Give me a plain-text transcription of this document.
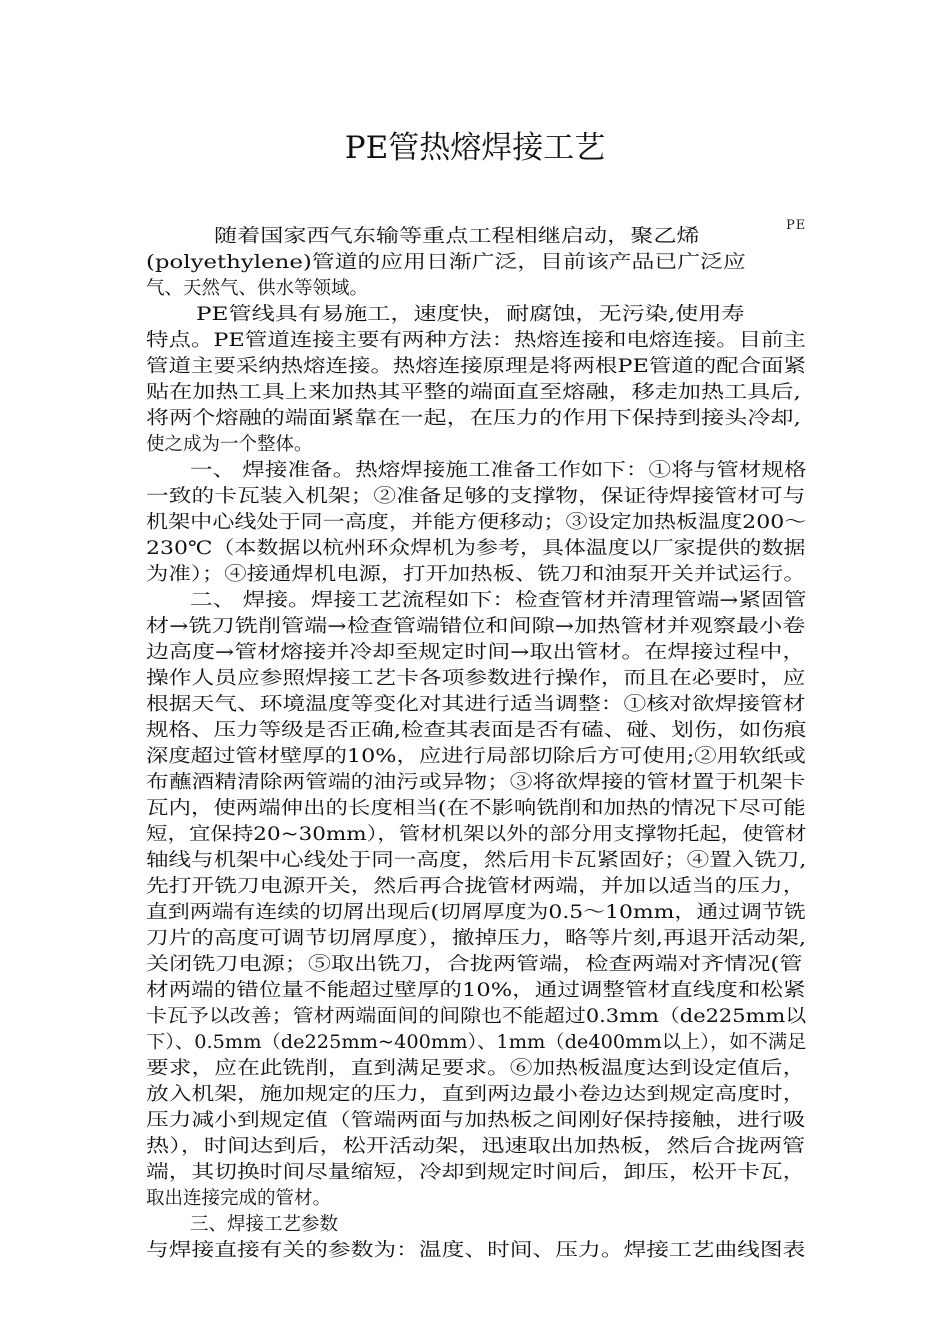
PE管热熔焊接工艺
PE
随着国家西气东输等重点工程相继启动，聚乙烯
(polyethylene)管道的应用日渐广泛，目前该产品已广泛应
气、天然气、供水等领域。
PE管线具有易施工，速度快，耐腐蚀，无污染,使用寿
特点。PE管道连接主要有两种方法：热熔连接和电熔连接。目前主
管道主要采纳热熔连接。热熔连接原理是将两根PE管道的配合面紧
贴在加热工具上来加热其平整的端面直至熔融，移走加热工具后,
将两个熔融的端面紧靠在一起，在压力的作用下保持到接头冷却,
使之成为一个整体。
一、 焊接准备。热熔焊接施工准备工作如下：①将与管材规格
一致的卡瓦装入机架；②准备足够的支撑物，保证待焊接管材可与
机架中心线处于同一高度，并能方便移动；③设定加热板温度200～
230℃（本数据以杭州环众焊机为参考，具体温度以厂家提供的数据
为准）；④接通焊机电源，打开加热板、铣刀和油泵开关并试运行。
二、 焊接。焊接工艺流程如下：检查管材并清理管端→紧固管
材→铣刀铣削管端→检查管端错位和间隙→加热管材并观察最小卷
边高度→管材熔接并冷却至规定时间→取出管材。在焊接过程中，
操作人员应参照焊接工艺卡各项参数进行操作，而且在必要时，应
根据天气、环境温度等变化对其进行适当调整：①核对欲焊接管材
规格、压力等级是否正确,检查其表面是否有磕、碰、划伤，如伤痕
深度超过管材壁厚的10%，应进行局部切除后方可使用;②用软纸或
布蘸酒精清除两管端的油污或异物；③将欲焊接的管材置于机架卡
瓦内，使两端伸出的长度相当(在不影响铣削和加热的情况下尽可能
短，宜保持20~30mm），管材机架以外的部分用支撑物托起，使管材
轴线与机架中心线处于同一高度，然后用卡瓦紧固好；④置入铣刀,
先打开铣刀电源开关，然后再合拢管材两端，并加以适当的压力，
直到两端有连续的切屑出现后(切屑厚度为0.5～10mm，通过调节铣
刀片的高度可调节切屑厚度），撤掉压力，略等片刻,再退开活动架,
关闭铣刀电源；⑤取出铣刀，合拢两管端，检查两端对齐情况(管
材两端的错位量不能超过壁厚的10%，通过调整管材直线度和松紧
卡瓦予以改善；管材两端面间的间隙也不能超过0.3mm（de225mm以
下）、0.5mm（de225mm~400mm）、1mm（de400mm以上），如不满足
要求，应在此铣削，直到满足要求。⑥加热板温度达到设定值后，
放入机架，施加规定的压力，直到两边最小卷边达到规定高度时，
压力减小到规定值（管端两面与加热板之间刚好保持接触，进行吸
热），时间达到后，松开活动架，迅速取出加热板，然后合拢两管
端，其切换时间尽量缩短，冷却到规定时间后，卸压，松开卡瓦，
取出连接完成的管材。
三、焊接工艺参数
与焊接直接有关的参数为：温度、时间、压力。焊接工艺曲线图表
